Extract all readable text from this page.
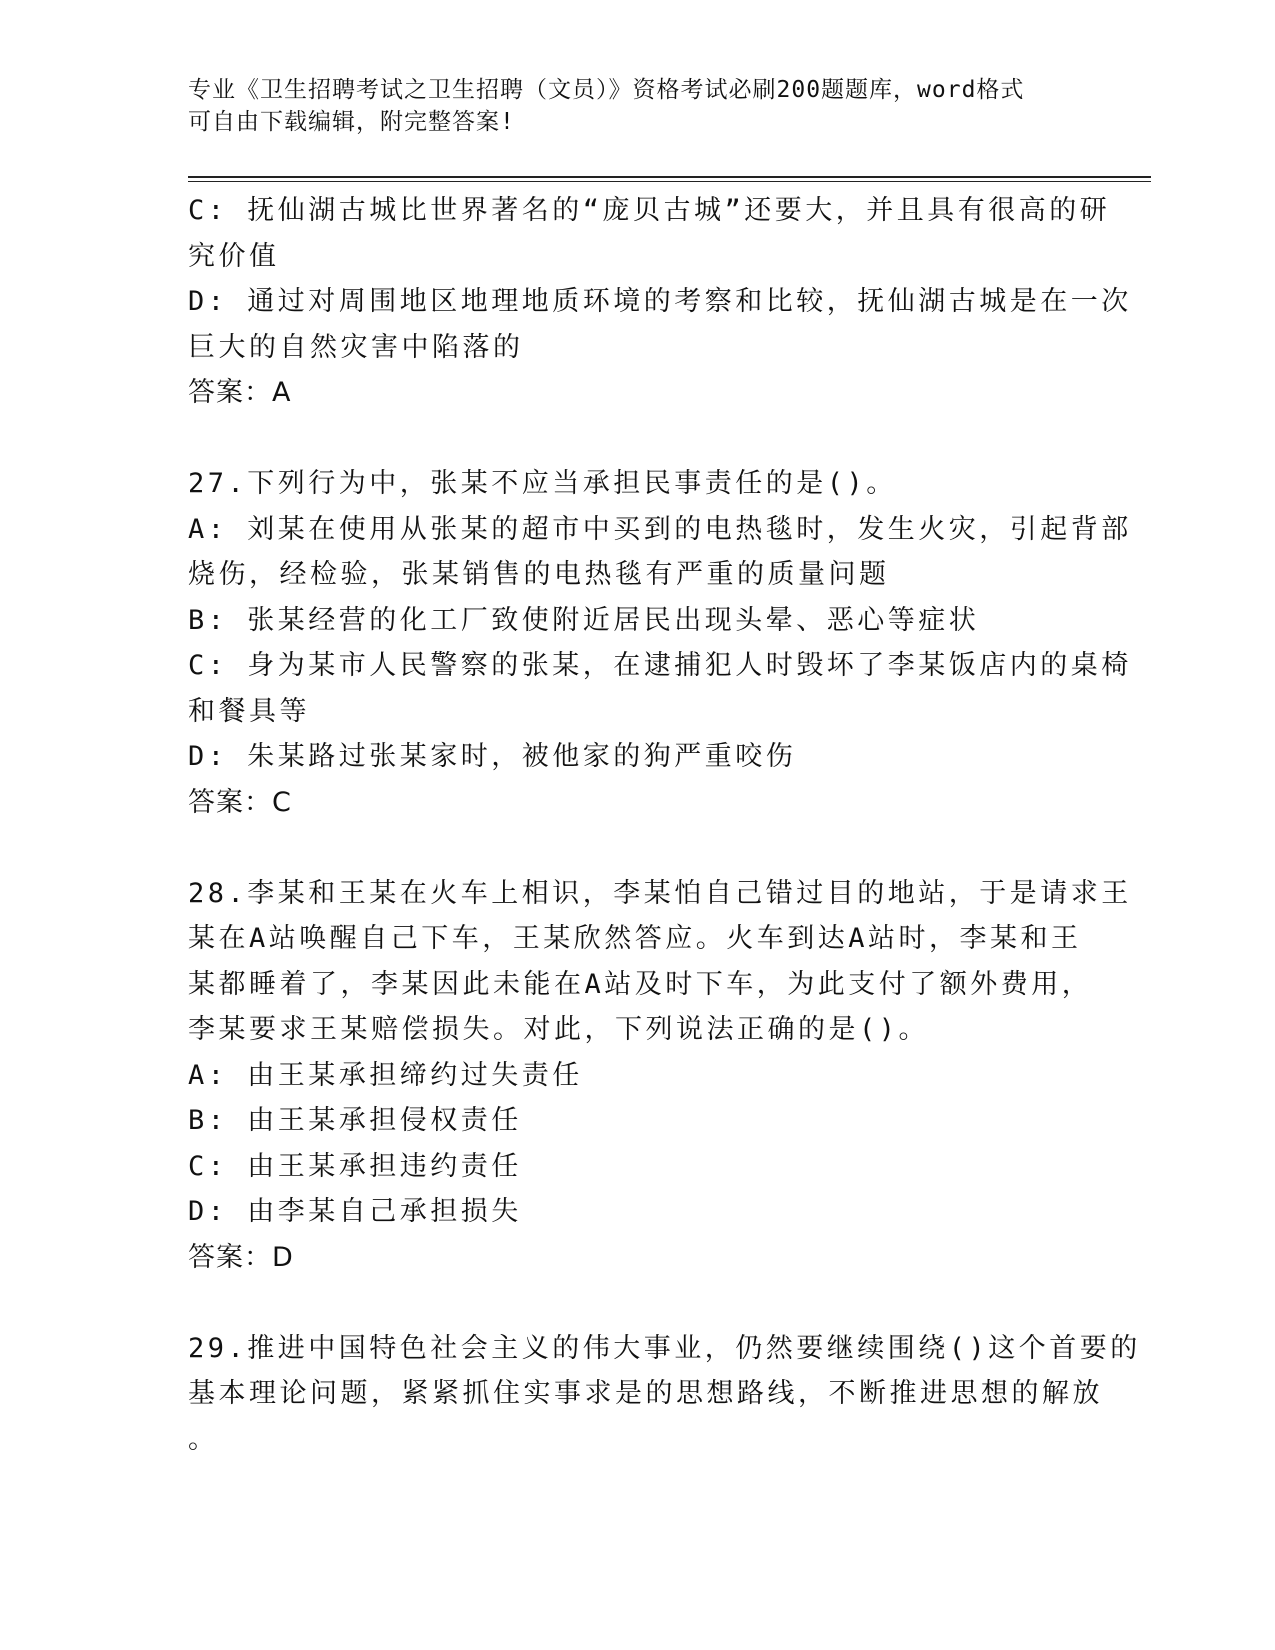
专业《卫生招聘考试之卫生招聘（文员）》资格考试必刷200题题库，word格式
可自由下载编辑，附完整答案!
C: 抚仙湖古城比世界著名的“庞贝古城”还要大，并且具有很高的研
究价值
D: 通过对周围地区地理地质环境的考察和比较，抚仙湖古城是在一次
巨大的自然灾害中陷落的
答案：A
27.下列行为中，张某不应当承担民事责任的是()。
A: 刘某在使用从张某的超市中买到的电热毯时，发生火灾，引起背部
烧伤，经检验，张某销售的电热毯有严重的质量问题
B: 张某经营的化工厂致使附近居民出现头晕、恶心等症状
C: 身为某市人民警察的张某，在逮捕犯人时毁坏了李某饭店内的桌椅
和餐具等
D: 朱某路过张某家时，被他家的狗严重咬伤
答案：C
28.李某和王某在火车上相识，李某怕自己错过目的地站，于是请求王
某在A站唤醒自己下车，王某欣然答应。火车到达A站时，李某和王
某都睡着了，李某因此未能在A站及时下车，为此支付了额外费用，
李某要求王某赔偿损失。对此，下列说法正确的是()。
A: 由王某承担缔约过失责任
B: 由王某承担侵权责任
C: 由王某承担违约责任
D: 由李某自己承担损失
答案：D
29.推进中国特色社会主义的伟大事业，仍然要继续围绕()这个首要的
基本理论问题，紧紧抓住实事求是的思想路线，不断推进思想的解放
。
